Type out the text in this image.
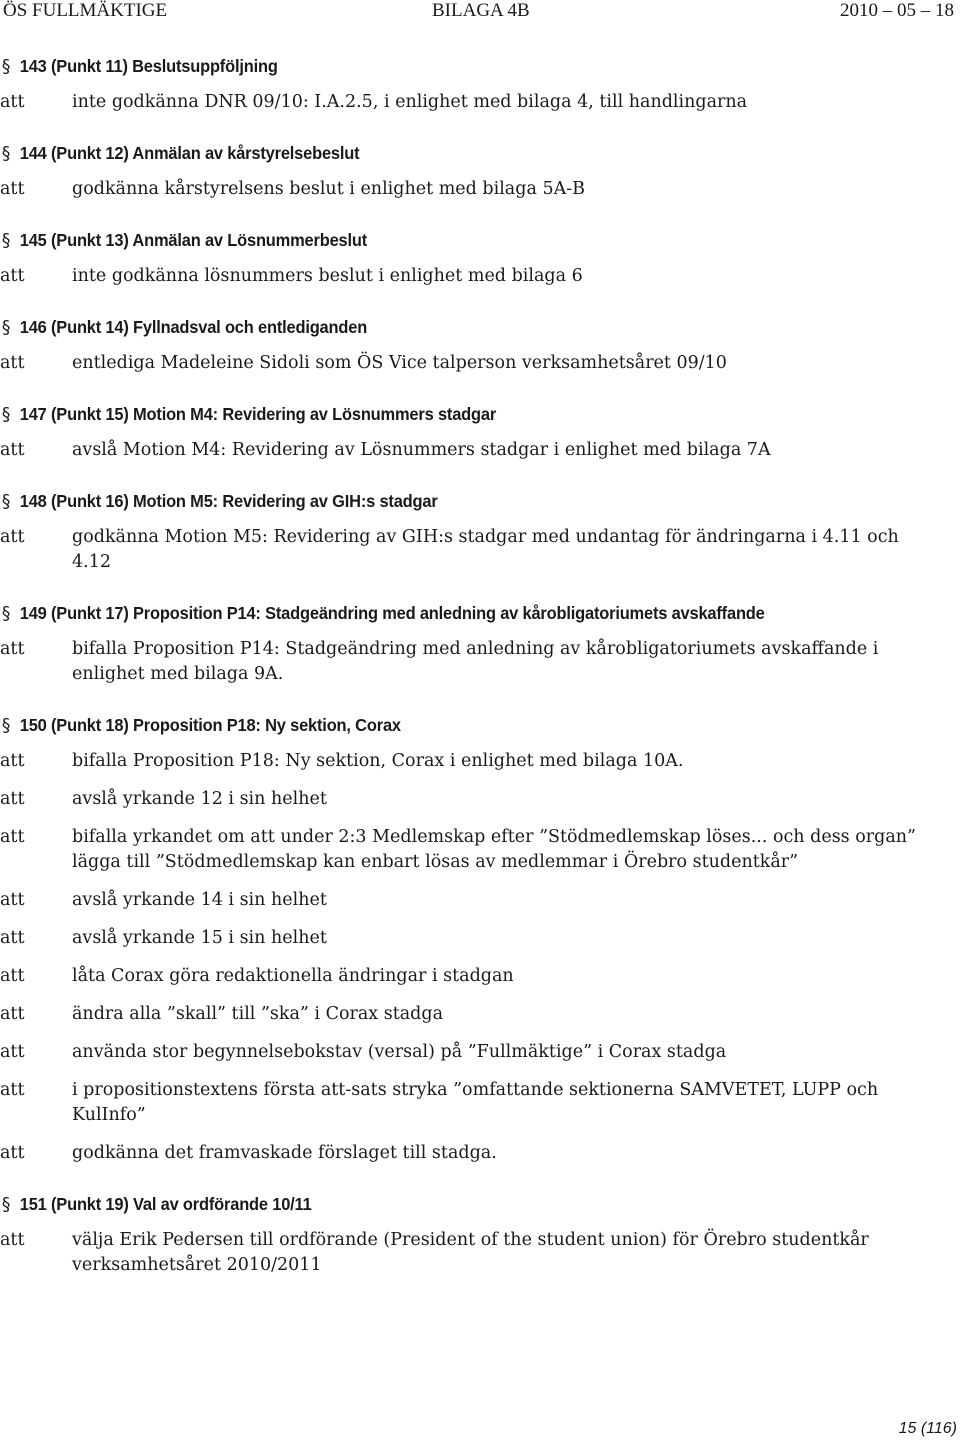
ÖS FULLMÄKTIGE	BILAGA 4B	2010 – 05 – 18
§ 143 (Punkt 11) Beslutsuppföljning
att	inte godkänna DNR 09/10: I.A.2.5, i enlighet med bilaga 4, till handlingarna
§ 144 (Punkt 12) Anmälan av kårstyrelsebeslut
att	godkänna kårstyrelsens beslut i enlighet med bilaga 5A-B
§ 145 (Punkt 13) Anmälan av Lösnummerbeslut
att	inte godkänna lösnummers beslut i enlighet med bilaga 6
§ 146 (Punkt 14) Fyllnadsval och entlediganden
att	entlediga Madeleine Sidoli som ÖS Vice talperson verksamhetsåret 09/10
§ 147 (Punkt 15) Motion M4: Revidering av Lösnummers stadgar
att	avslå Motion M4: Revidering av Lösnummers stadgar i enlighet med bilaga 7A
§ 148 (Punkt 16) Motion M5: Revidering av GIH:s stadgar
att	godkänna Motion M5: Revidering av GIH:s stadgar med undantag för ändringarna i 4.11 och 4.12
§ 149 (Punkt 17) Proposition P14: Stadgeändring med anledning av kårobligatoriumets avskaffande
att	bifalla Proposition P14: Stadgeändring med anledning av kårobligatoriumets avskaffande i enlighet med bilaga 9A.
§ 150 (Punkt 18) Proposition P18: Ny sektion, Corax
att	bifalla Proposition P18: Ny sektion, Corax i enlighet med bilaga 10A.
att	avslå yrkande 12 i sin helhet
att	bifalla yrkandet om att under 2:3 Medlemskap efter ”Stödmedlemskap löses... och dess organ” lägga till ”Stödmedlemskap kan enbart lösas av medlemmar i Örebro studentkår”
att	avslå yrkande 14 i sin helhet
att	avslå yrkande 15 i sin helhet
att	låta Corax göra redaktionella ändringar i stadgan
att	ändra alla ”skall” till ”ska” i Corax stadga
att	använda stor begynnelsebokstav (versal) på ”Fullmäktige” i Corax stadga
att	i propositionstextens första att-sats stryka ”omfattande sektionerna SAMVETET, LUPP och KulInfo”
att	godkänna det framvaskade förslaget till stadga.
§ 151 (Punkt 19) Val av ordförande 10/11
att	välja Erik Pedersen till ordförande (President of the student union) för Örebro studentkår verksamhetsåret 2010/2011
15 (116)
